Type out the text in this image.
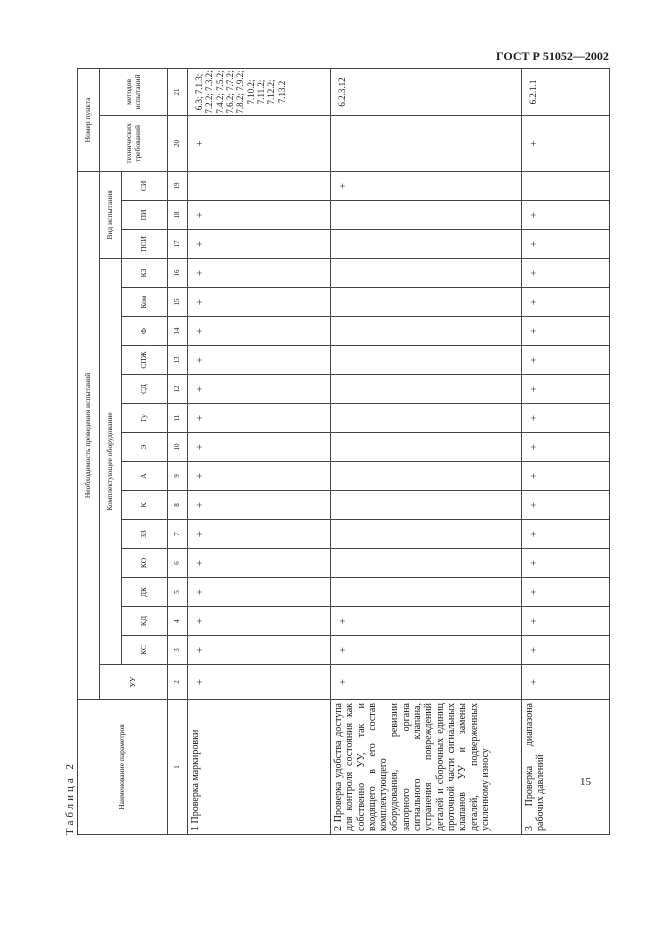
ГОСТ Р 51052—2002
Таблица 2	Наименование параметров	Необходимость проведения испытаний																		Номер пункта		
	УУ	Комплектующее оборудование														Вид испытания			технических требований	методов испытаний	
		КС	КД	ДК	КО	ЗЗ	К	А	Э	Гу	СД	СПЖ	Ф	Ком	КЗ	ПСИ	ПИ	СИ			
1	2	3	4	5	6	7	8	9	10	11	12	13	14	15	16	17	18	19	20	21	
1 Проверка маркировки	+	+	+	+	+	+	+	+	+	+	+	+	+	+	+	+	+		+	6.3; 7.1.3; 7.2.2; 7.3.2; 7.4.2; 7.5.2; 7.6.2; 7.7.2; 7.8.2; 7.9.2; 7.10.2; 7.11.2; 7.12.2; 7.13.2	
2 Проверка удобства доступа для контроля состояния как собственно УУ, так и входящего в его состав комплектующего оборудования, ревизии запорного органа сигнального клапана, устранения повреждений деталей и сборочных единиц проточной части сигнальных клапанов УУ и замены деталей, подверженных усиленному износу	+	+	+															+		6.2.3.12	
3 Проверка диапазона рабочих давлений	+	+	+	+	+	+	+	+	+	+	+	+	+	+	+	+	+		+	6.2.1.1	
15
